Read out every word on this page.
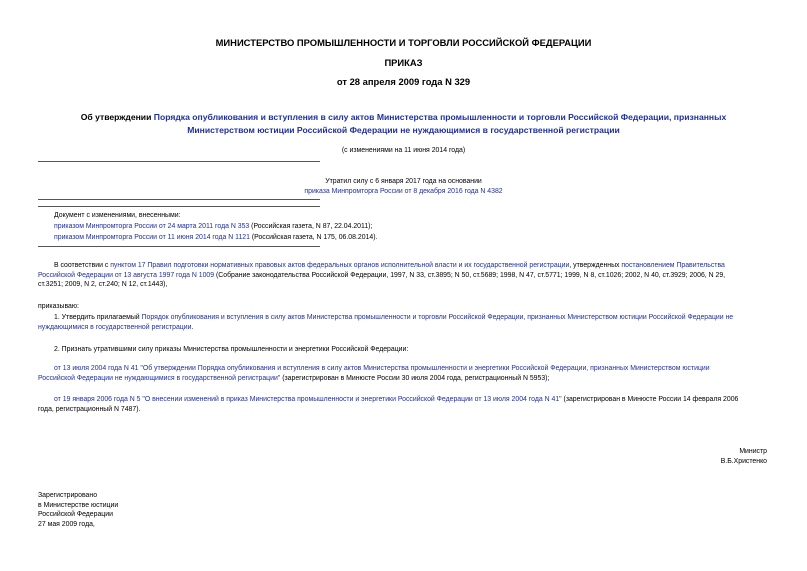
МИНИСТЕРСТВО ПРОМЫШЛЕННОСТИ И ТОРГОВЛИ РОССИЙСКОЙ ФЕДЕРАЦИИ
ПРИКАЗ
от 28 апреля 2009 года N 329
Об утверждении Порядка опубликования и вступления в силу актов Министерства промышленности и торговли Российской Федерации, признанных
Министерством юстиции Российской Федерации не нуждающимися в государственной регистрации
(с изменениями на 11 июня 2014 года)
Утратил силу с 6 января 2017 года на основании
приказа Минпромторга России от 8 декабря 2016 года N 4382
Документ с изменениями, внесенными:
приказом Минпромторга России от 24 марта 2011 года N 353 (Российская газета, N 87, 22.04.2011);
приказом Минпромторга России от 11 июня 2014 года N 1121 (Российская газета, N 175, 06.08.2014).
В соответствии с пунктом 17 Правил подготовки нормативных правовых актов федеральных органов исполнительной власти и их государственной регистрации, утвержденных постановлением Правительства
Российской Федерации от 13 августа 1997 года N 1009 (Собрание законодательства Российской Федерации, 1997, N 33, ст.3895; N 50, ст.5689; 1998, N 47, ст.5771; 1999, N 8, ст.1026; 2002, N 40, ст.3929; 2006, N 29,
ст.3251; 2009, N 2, ст.240; N 12, ст.1443),
приказываю:
1. Утвердить прилагаемый Порядок опубликования и вступления в силу актов Министерства промышленности и торговли Российской Федерации, признанных Министерством юстиции Российской Федерации не
нуждающимися в государственной регистрации.
2. Признать утратившими силу приказы Министерства промышленности и энергетики Российской Федерации:
от 13 июля 2004 года N 41 "Об утверждении Порядка опубликования и вступления в силу актов Министерства промышленности и энергетики Российской Федерации, признанных Министерством юстиции
Российской Федерации не нуждающимися в государственной регистрации" (зарегистрирован в Минюсте России 30 июля 2004 года, регистрационный N 5953);
от 19 января 2006 года N 5 "О внесении изменений в приказ Министерства промышленности и энергетики Российской Федерации от 13 июля 2004 года N 41" (зарегистрирован в Минюсте России 14 февраля 2006
года, регистрационный N 7487).
Министр
В.Б.Христенко
Зарегистрировано
в Министерстве юстиции
Российской Федерации
27 мая 2009 года,
